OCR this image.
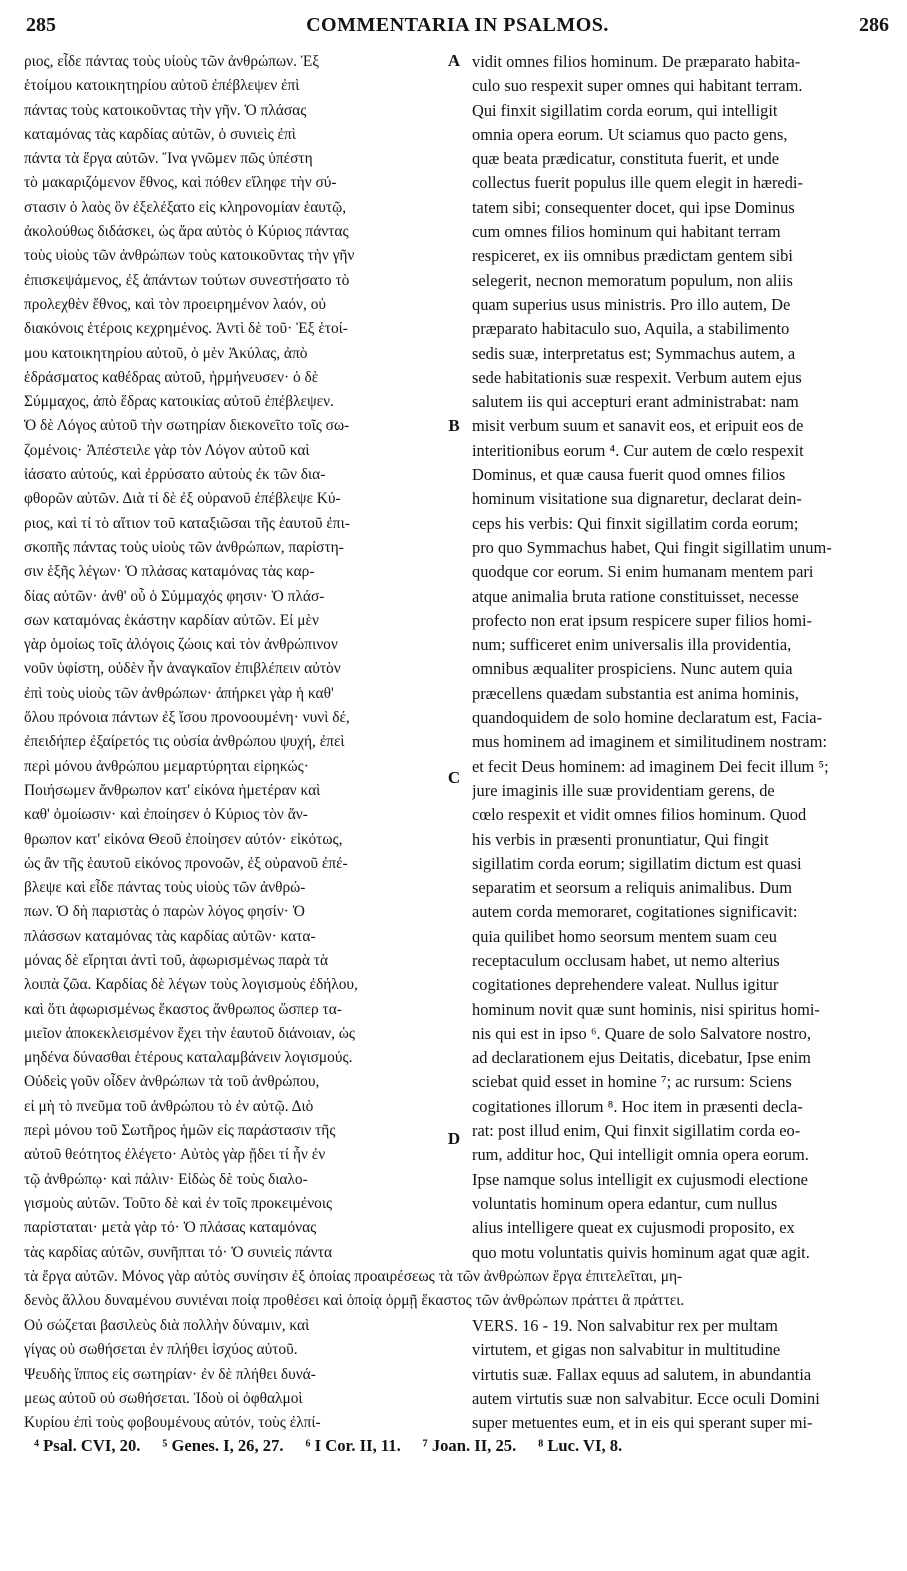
285	COMMENTARIA IN PSALMOS.	286
ριος, εἶδε πάντας τοὺς υἱοὺς τῶν ἀνθρώπων. Ἐξ
ἑτοίμου κατοικητηρίου αὐτοῦ ἐπέβλεψεν ἐπὶ
πάντας τοὺς κατοικοῦντας τὴν γῆν. Ὁ πλάσας
καταμόνας τὰς καρδίας αὐτῶν, ὁ συνιεὶς ἐπὶ
πάντα τὰ ἔργα αὐτῶν. Ἵνα γνῶμεν πῶς ὑπέστη
τὸ μακαριζόμενον ἔθνος, καὶ πόθεν εἴληφε τὴν σύ-
στασιν ὁ λαὸς ὃν ἐξελέξατο εἰς κληρονομίαν ἑαυτῷ,
ἀκολούθως διδάσκει, ὡς ἄρα αὐτὸς ὁ Κύριος πάντας
τοὺς υἱοὺς τῶν ἀνθρώπων τοὺς κατοικοῦντας τὴν γῆν
ἐπισκεψάμενος, ἐξ ἁπάντων τούτων συνεστήσατο τὸ
προλεχθὲν ἔθνος, καὶ τὸν προειρημένον λαόν, οὐ
διακόνοις ἑτέροις κεχρημένος. Ἀντὶ δὲ τοῦ· Ἐξ ἑτοί-
μου κατοικητηρίου αὐτοῦ, ὁ μὲν Ἀκύλας, ἀπὸ
ἑδράσματος καθέδρας αὐτοῦ, ἡρμήνευσεν· ὁ δὲ
Σύμμαχος, ἀπὸ ἕδρας κατοικίας αὐτοῦ ἐπέβλεψεν.
Ὁ δὲ Λόγος αὐτοῦ τὴν σωτηρίαν διεκονεῖτο τοῖς σω-
ζομένοις· Ἀπέστειλε γὰρ τὸν Λόγον αὐτοῦ καὶ
ἰάσατο αὐτούς, καὶ ἐρρύσατο αὐτοὺς ἐκ τῶν δια-
φθορῶν αὐτῶν. Διὰ τί δὲ ἐξ οὐρανοῦ ἐπέβλεψε Κύ-
ριος, καὶ τί τὸ αἴτιον τοῦ καταξιῶσαι τῆς ἑαυτοῦ ἐπι-
σκοπῆς πάντας τοὺς υἱοὺς τῶν ἀνθρώπων, παρίστη-
σιν ἑξῆς λέγων· Ὁ πλάσας καταμόνας τὰς καρ-
δίας αὐτῶν· ἀνθ' οὗ ὁ Σύμμαχός φησιν· Ὁ πλάσ-
σων καταμόνας ἑκάστην καρδίαν αὐτῶν. Εἰ μὲν
γὰρ ὁμοίως τοῖς ἀλόγοις ζώοις καὶ τὸν ἀνθρώπινον
νοῦν ὑφίστη, οὐδὲν ἦν ἀναγκαῖον ἐπιβλέπειν αὐτὸν
ἐπὶ τοὺς υἱοὺς τῶν ἀνθρώπων· ἀπήρκει γὰρ ἡ καθ'
ὅλου πρόνοια πάντων ἐξ ἴσου προνοουμένη· νυνὶ δέ,
ἐπειδήπερ ἐξαίρετός τις οὐσία ἀνθρώπου ψυχή, ἐπεὶ
περὶ μόνου ἀνθρώπου μεμαρτύρηται εἰρηκώς·
Ποιήσωμεν ἄνθρωπον κατ' εἰκόνα ἡμετέραν καὶ
καθ' ὁμοίωσιν· καὶ ἐποίησεν ὁ Κύριος τὸν ἄν-
θρωπον κατ' εἰκόνα Θεοῦ ἐποίησεν αὐτόν· εἰκότως,
ὡς ἂν τῆς ἑαυτοῦ εἰκόνος προνοῶν, ἐξ οὐρανοῦ ἐπέ-
βλεψε καὶ εἶδε πάντας τοὺς υἱοὺς τῶν ἀνθρώ-
πων. Ὁ δὴ παριστὰς ὁ παρὼν λόγος φησίν· Ὁ
πλάσσων καταμόνας τὰς καρδίας αὐτῶν· κατα-
μόνας δὲ εἴρηται ἀντὶ τοῦ, ἀφωρισμένως παρὰ τὰ
λοιπὰ ζῶα. Καρδίας δὲ λέγων τοὺς λογισμοὺς ἐδήλου,
καὶ ὅτι ἀφωρισμένως ἕκαστος ἄνθρωπος ὥσπερ τα-
μιεῖον ἀποκεκλεισμένον ἔχει τὴν ἑαυτοῦ διάνοιαν, ὡς
μηδένα δύνασθαι ἑτέρους καταλαμβάνειν λογισμούς.
Οὐδεὶς γοῦν οἶδεν ἀνθρώπων τὰ τοῦ ἀνθρώπου,
εἰ μὴ τὸ πνεῦμα τοῦ ἀνθρώπου τὸ ἐν αὐτῷ. Διὸ
περὶ μόνου τοῦ Σωτῆρος ἡμῶν εἰς παράστασιν τῆς
αὐτοῦ θεότητος ἐλέγετο· Αὐτὸς γὰρ ᾔδει τί ἦν ἐν
τῷ ἀνθρώπῳ· καὶ πάλιν· Εἰδὼς δὲ τοὺς διαλο-
γισμοὺς αὐτῶν. Τοῦτο δὲ καὶ ἐν τοῖς προκειμένοις
παρίσταται· μετὰ γὰρ τό· Ὁ πλάσας καταμόνας
τὰς καρδίας αὐτῶν, συνῆπται τό· Ὁ συνιεὶς πάντα
vidit omnes filios hominum. De præparato habita-
culo suo respexit super omnes qui habitant terram.
Qui finxit sigillatim corda eorum, qui intelligit
omnia opera eorum. Ut sciamus quo pacto gens,
quæ beata prædicatur, constituta fuerit, et unde
collectus fuerit populus ille quem elegit in hæredi-
tatem sibi; consequenter docet, qui ipse Dominus
cum omnes filios hominum qui habitant terram
respiceret, ex iis omnibus prædictam gentem sibi
selegerit, necnon memoratum populum, non aliis
quam superius usus ministris. Pro illo autem, De
præparato habitaculo suo, Aquila, a stabilimento
sedis suæ, interpretatus est; Symmachus autem, a
sede habitationis suæ respexit. Verbum autem ejus
salutem iis qui accepturi erant administrabat: nam
misit verbum suum et sanavit eos, et eripuit eos de
interitionibus eorum ⁴. Cur autem de cœlo respexit
Dominus, et quæ causa fuerit quod omnes filios
hominum visitatione sua dignaretur, declarat dein-
ceps his verbis: Qui finxit sigillatim corda eorum;
pro quo Symmachus habet, Qui fingit sigillatim unum-
quodque cor eorum. Si enim humanam mentem pari
atque animalia bruta ratione constituisset, necesse
profecto non erat ipsum respicere super filios homi-
num; sufficeret enim universalis illa providentia,
omnibus æqualiter prospiciens. Nunc autem quia
præcellens quædam substantia est anima hominis,
quandoquidem de solo homine declaratum est, Facia-
mus hominem ad imaginem et similitudinem nostram:
et fecit Deus hominem: ad imaginem Dei fecit illum ⁵;
jure imaginis ille suæ providentiam gerens, de
cœlo respexit et vidit omnes filios hominum. Quod
his verbis in præsenti pronuntiatur, Qui fingit
sigillatim corda eorum; sigillatim dictum est quasi
separatim et seorsum a reliquis animalibus. Dum
autem corda memoraret, cogitationes significavit:
quia quilibet homo seorsum mentem suam ceu
receptaculum occlusam habet, ut nemo alterius
cogitationes deprehendere valeat. Nullus igitur
hominum novit quæ sunt hominis, nisi spiritus homi-
nis qui est in ipso ⁶. Quare de solo Salvatore nostro,
ad declarationem ejus Deitatis, dicebatur, Ipse enim
sciebat quid esset in homine ⁷; ac rursum: Sciens
cogitationes illorum ⁸. Hoc item in præsenti decla-
rat: post illud enim, Qui finxit sigillatim corda eo-
rum, additur hoc, Qui intelligit omnia opera eorum.
Ipse namque solus intelligit ex cujusmodi electione
voluntatis hominum opera edantur, cum nullus
alius intelligere queat ex cujusmodi proposito, ex
quo motu voluntatis quivis hominum agat quæ agit.
A
B
C
D
τὰ ἔργα αὐτῶν. Μόνος γὰρ αὐτὸς συνίησιν ἐξ ὁποίας προαιρέσεως τὰ τῶν ἀνθρώπων ἔργα ἐπιτελεῖται, μη-
δενὸς ἄλλου δυναμένου συνιέναι ποίᾳ προθέσει καὶ ὁποίᾳ ὁρμῇ ἕκαστος τῶν ἀνθρώπων πράττει ἃ πράττει.
Οὐ σώζεται βασιλεὺς διὰ πολλὴν δύναμιν, καὶ
γίγας οὐ σωθήσεται ἐν πλήθει ἰσχύος αὐτοῦ.
Ψευδὴς ἵππος εἰς σωτηρίαν· ἐν δὲ πλήθει δυνά-
μεως αὐτοῦ οὐ σωθήσεται. Ἰδοὺ οἱ ὀφθαλμοὶ
Κυρίου ἐπὶ τοὺς φοβουμένους αὐτόν, τοὺς ἐλπί-
VERS. 16 - 19. Non salvabitur rex per multam
virtutem, et gigas non salvabitur in multitudine
virtutis suæ. Fallax equus ad salutem, in abundantia
autem virtutis suæ non salvabitur. Ecce oculi Domini
super metuentes eum, et in eis qui sperant super mi-
⁴ Psal. CVI, 20. ⁵ Genes. I, 26, 27. ⁶ I Cor. II, 11. ⁷ Joan. II, 25. ⁸ Luc. VI, 8.
